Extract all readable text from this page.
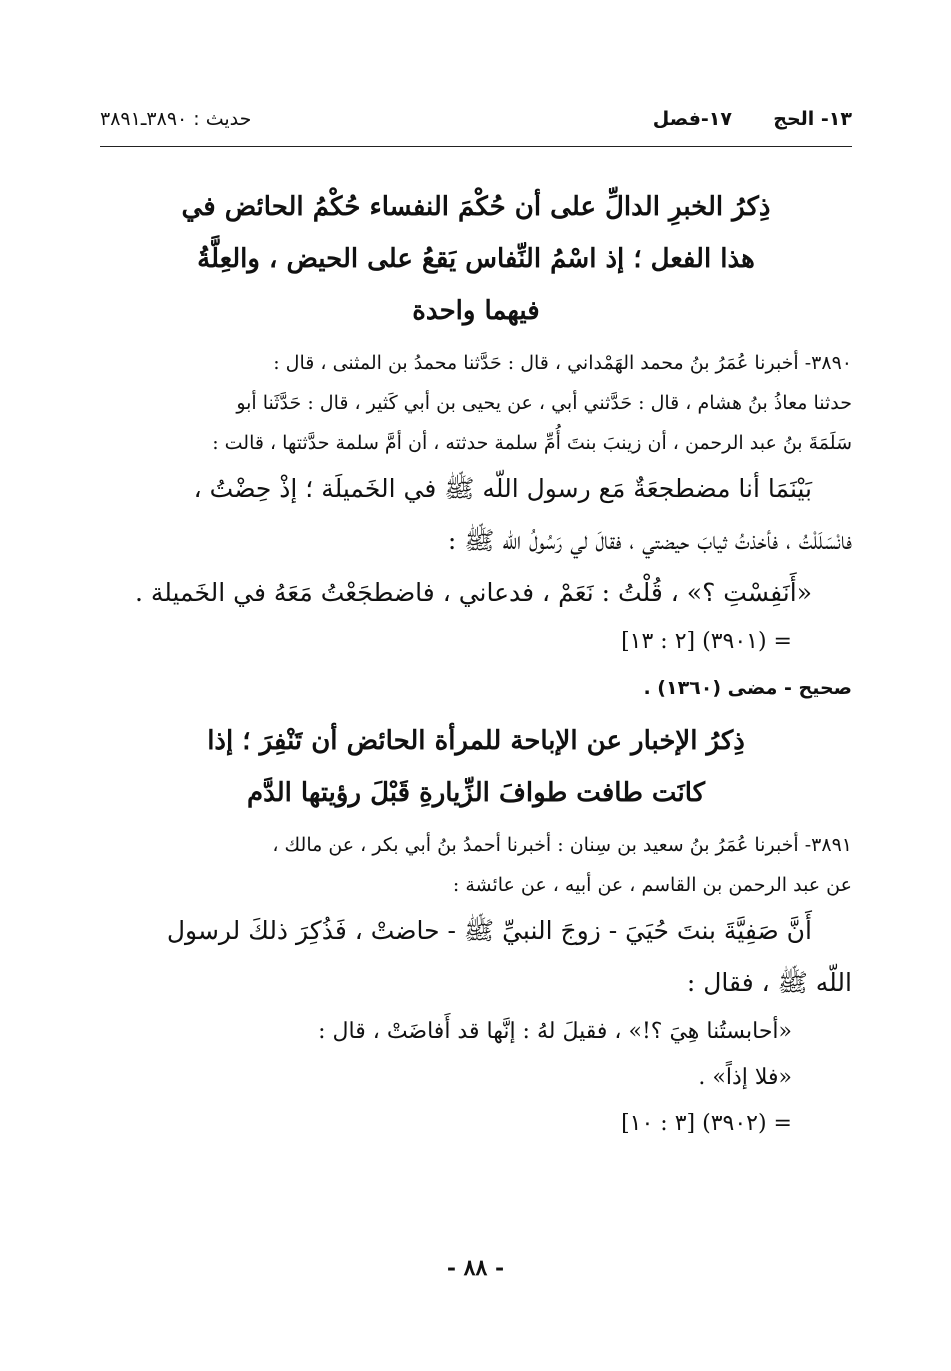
١٣- الحج
١٧-فصل
حديث : ٣٨٩٠ـ٣٨٩١
ذِكرُ الخبرِ الدالِّ على أن حُكْمَ النفساء حُكْمُ الحائض في
هذا الفعل ؛ إذ اسْمُ النِّفاس يَقعُ على الحيض ، والعِلَّةُ
فيهما واحدة
٣٨٩٠- أخبرنا عُمَرُ بنُ محمد الهَمْداني ، قال : حَدَّثنا محمدُ بن المثنى ، قال :
حدثنا معاذُ بنُ هشام ، قال : حَدَّثني أبي ، عن يحيى بن أبي كَثير ، قال : حَدَّثَنا أبو
سَلَمَةَ بنُ عبد الرحمن ، أن زينبَ بنتَ أُمِّ سلمة حدثته ، أن أمَّ سلمة حدَّثتها ، قالت :
بَيْنَمَا أنا مضطجعَةٌ مَع رسول اللّه ﷺ في الخَميلَة ؛ إذْ حِضْتُ ،
فانْسَلَلْتُ ، فأخذتُ ثيابَ حيضتي ، فقالَ لي رَسُولُ اللّه ﷺ :
«أَنَفِسْتِ ؟» ، قُلْتُ : نَعَمْ ، فدعاني ، فاضطجَعْتُ مَعَهُ في الخَميلة .
= (٣٩٠١) [٢ : ١٣]
صحيح - مضى (١٣٦٠) .
ذِكرُ الإخبار عن الإباحة للمرأة الحائض أن تَنْفِرَ ؛ إذا
كانَت طافت طوافَ الزِّيارةِ قَبْلَ رؤيتها الدَّم
٣٨٩١- أخبرنا عُمَرُ بنُ سعيد بن سِنان : أخبرنا أحمدُ بنُ أبي بكر ، عن مالك ،
عن عبد الرحمن بن القاسم ، عن أبيه ، عن عائشة :
أَنَّ صَفِيَّةَ بنتَ حُيَيَ - زوجَ النبيِّ ﷺ - حاضتْ ، فَذُكِرَ ذلكَ لرسول
اللّه ﷺ ، فقال :
«أحابستُنا هِيَ ؟!» ، فقيلَ لهُ : إنَّها قد أَفاضَتْ ، قال :
«فلا إذاً» .
= (٣٩٠٢) [٣ : ١٠]
- ٨٨ -
